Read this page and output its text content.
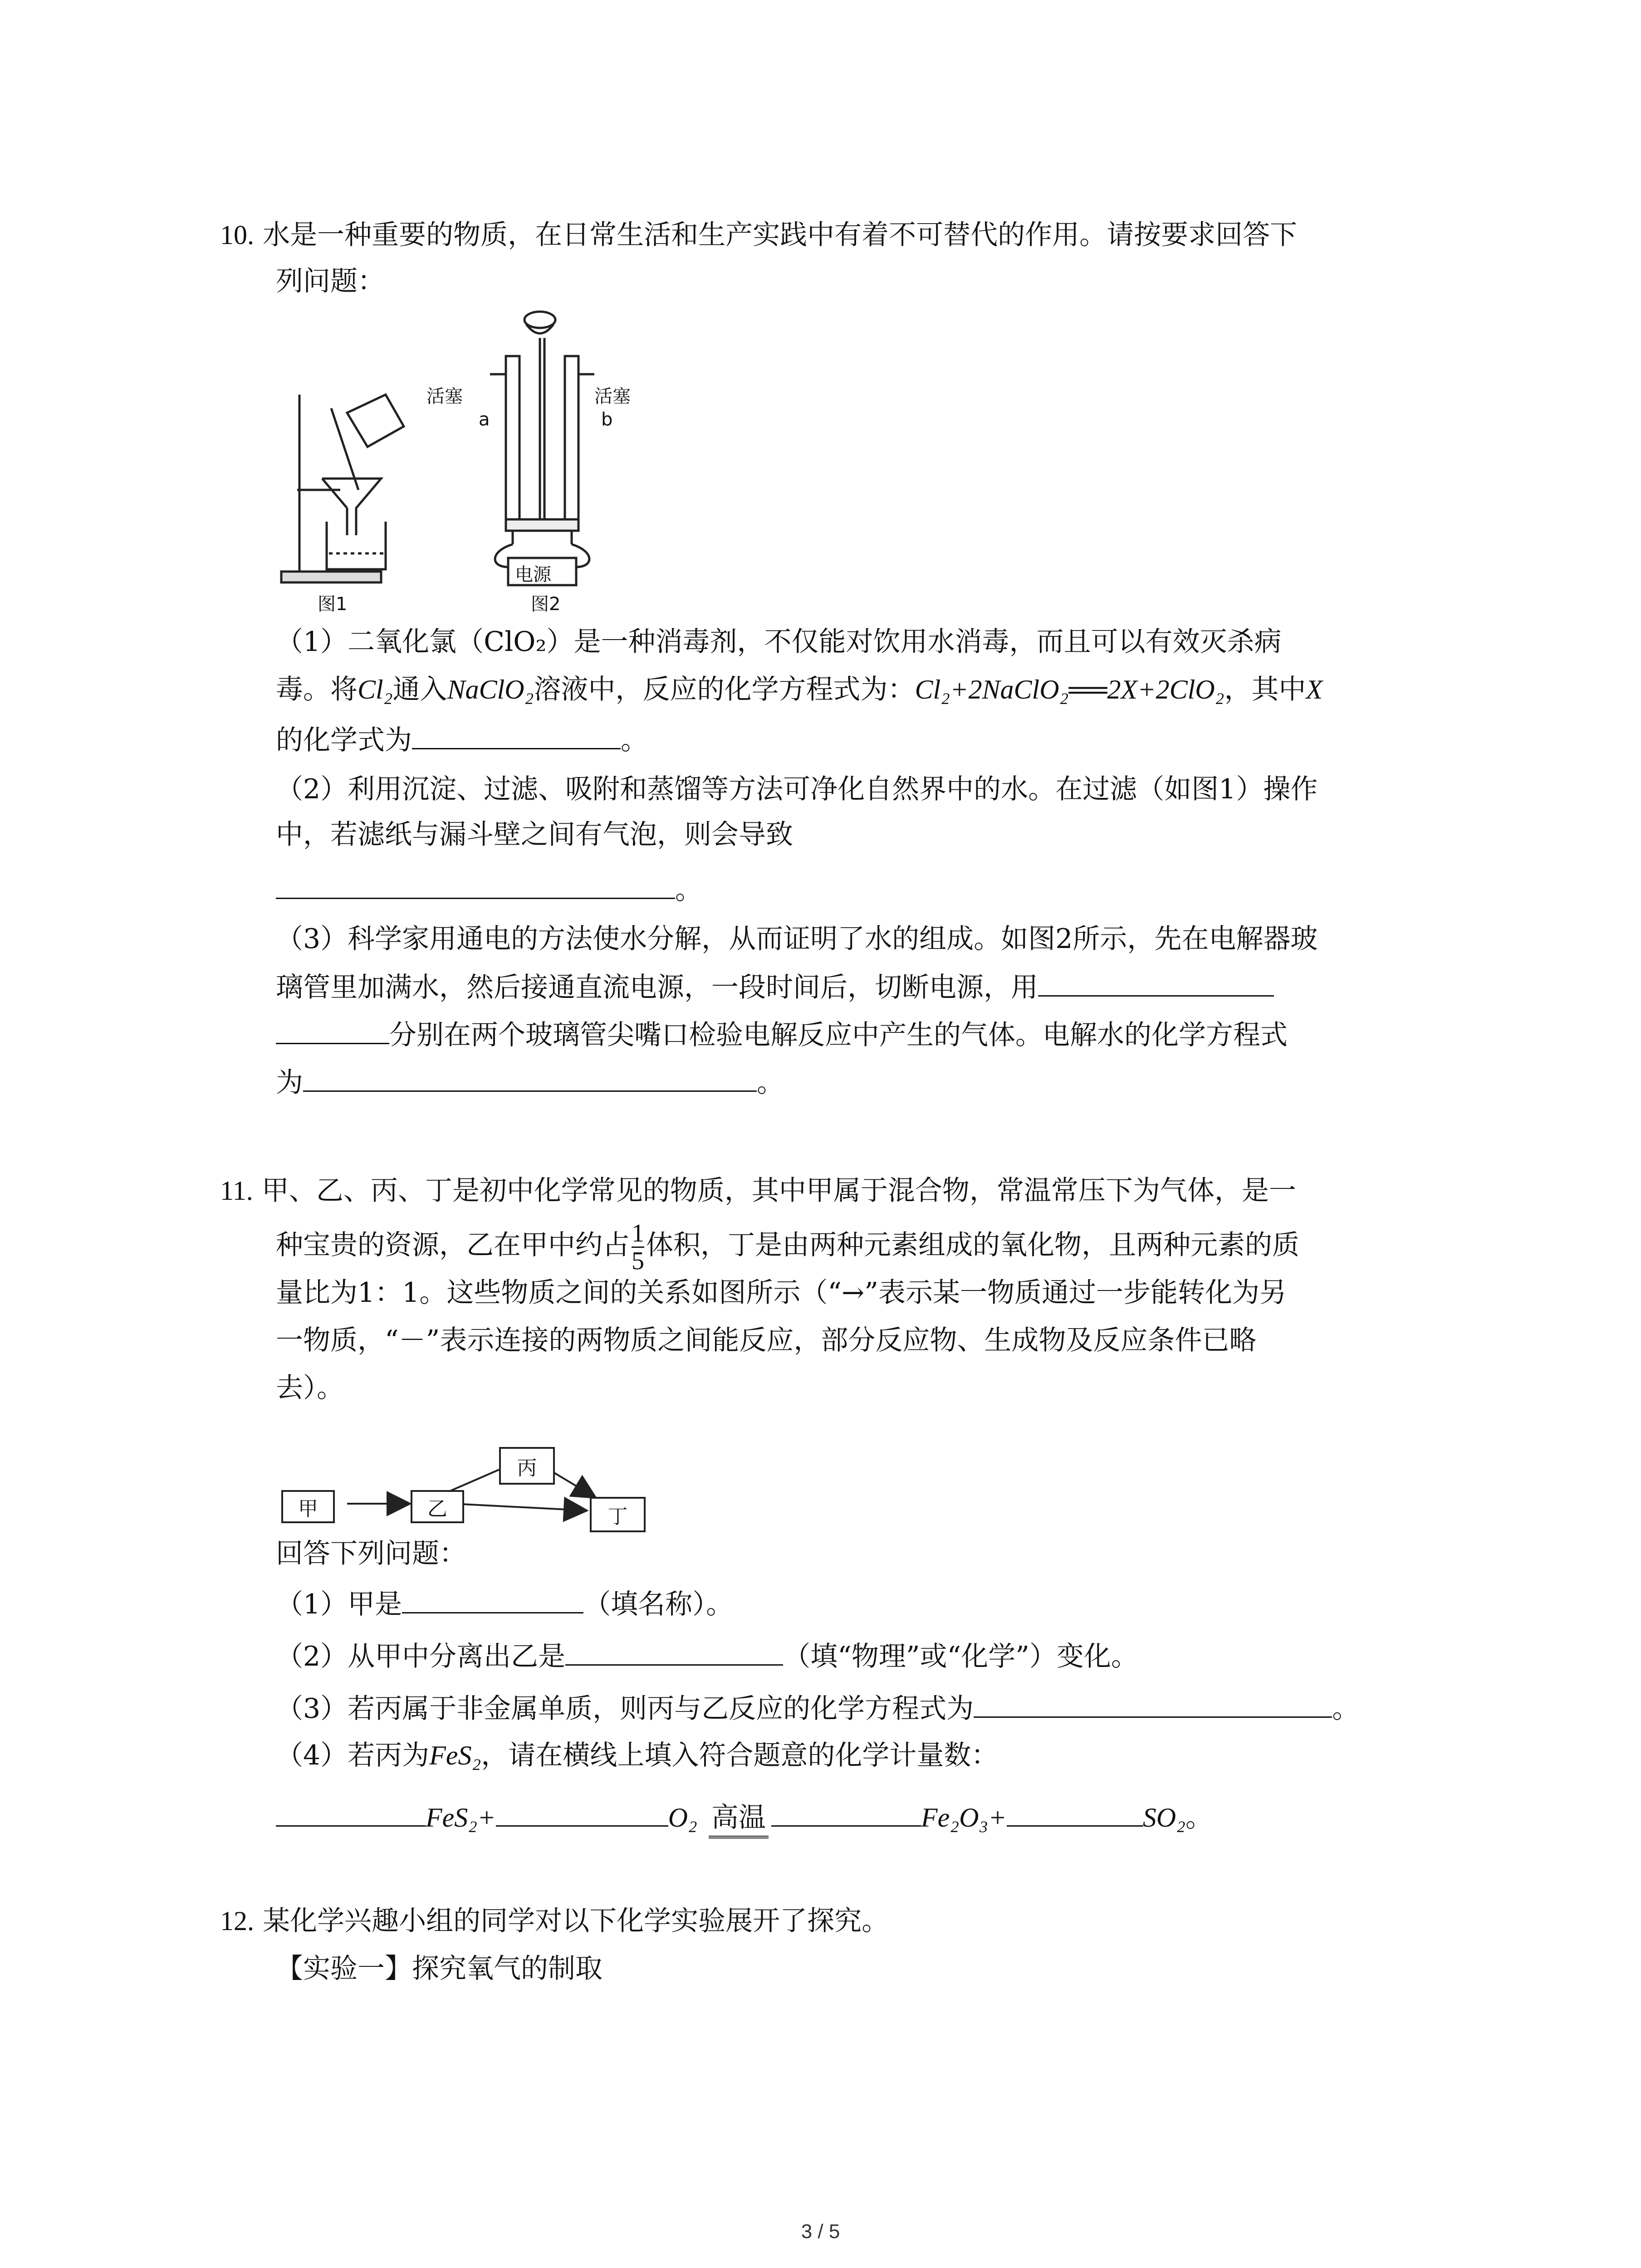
10. 水是一种重要的物质，在日常生活和生产实践中有着不可替代的作用。请按要求回答下
列问题：
图1
活塞	活塞
a	b
电源
图2
（1）二氧化氯（ClO₂）是一种消毒剂，不仅能对饮用水消毒，而且可以有效灭杀病
毒。将Cl₂通入NaClO₂溶液中，反应的化学方程式为：Cl₂+2NaClO₂══2X+2ClO₂，其中X
的化学式为	。
（2）利用沉淀、过滤、吸附和蒸馏等方法可净化自然界中的水。在过滤（如图1）操作
中，若滤纸与漏斗壁之间有气泡，则会导致
。
（3）科学家用通电的方法使水分解，从而证明了水的组成。如图2所示，先在电解器玻
璃管里加满水，然后接通直流电源，一段时间后，切断电源，用
分别在两个玻璃管尖嘴口检验电解反应中产生的气体。电解水的化学方程式
为	。
11. 甲、乙、丙、丁是初中化学常见的物质，其中甲属于混合物，常温常压下为气体，是一
种宝贵的资源，乙在甲中约占 $\frac{1}{5}$ 体积，丁是由两种元素组成的氧化物，且两种元素的质
量比为1：1。这些物质之间的关系如图所示（“→”表示某一物质通过一步能转化为另
一物质，“－”表示连接的两物质之间能反应，部分反应物、生成物及反应条件已略
去）。
甲	乙
丙
丁
回答下列问题：
（1）甲是	（填名称）。
（2）从甲中分离出乙是	（填“物理”或“化学”）变化。
（3）若丙属于非金属单质，则丙与乙反应的化学方程式为	。
（4）若丙为FeS₂，请在横线上填入符合题意的化学计量数：
FeS₂+	O₂ 高温	Fe₂O₃+	SO₂。
12. 某化学兴趣小组的同学对以下化学实验展开了探究。
【实验一】探究氧气的制取
3 / 5
